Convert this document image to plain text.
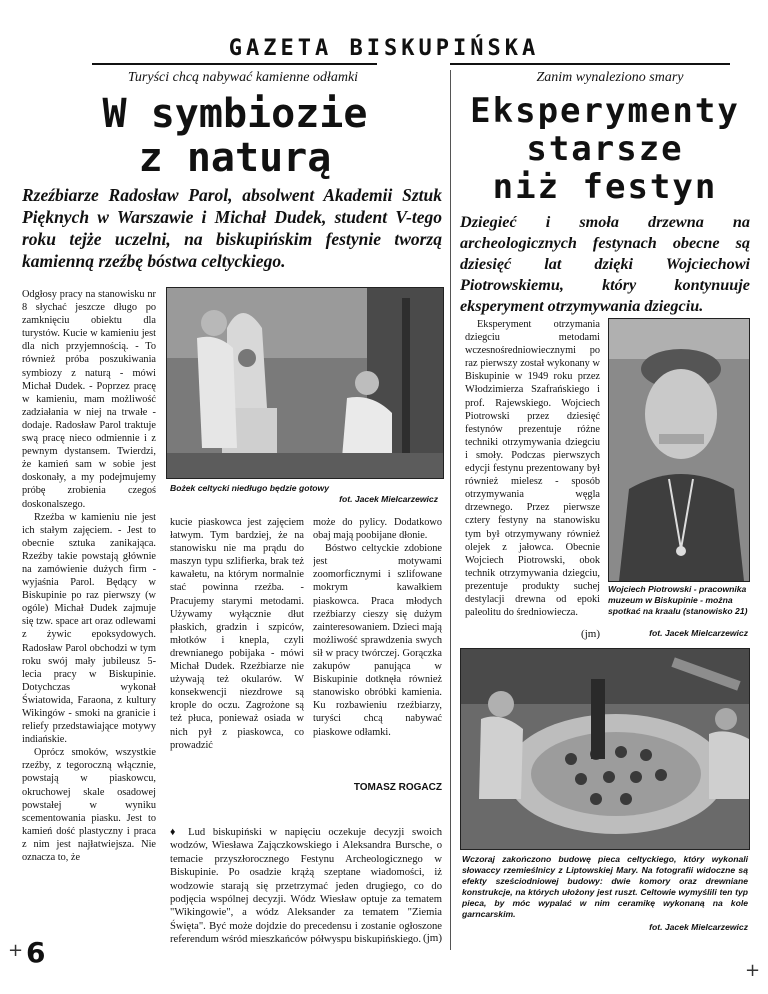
GAZETA BISKUPIŃSKA
Turyści chcą nabywać kamienne odłamki
W symbiozie
z naturą
Rzeźbiarze Radosław Parol, absolwent Akademii Sztuk Pięknych w Warszawie i Michał Dudek, student V-tego roku tejże uczelni, na biskupińskim festynie tworzą kamienną rzeźbę bóstwa celtyckiego.

Odgłosy pracy na stanowisku nr 8 słychać jeszcze długo po zamknięciu obiektu dla turystów. Kucie w kamieniu jest dla nich przyjemnością. - To również próba poszukiwania symbiozy z naturą - mówi Michał Dudek. - Poprzez pracę w kamieniu, mam możliwość zadziałania w niej na trwałe - dodaje. Radosław Parol traktuje swą pracę nieco odmiennie i z pewnym dystansem. Twierdzi, że kamień sam w sobie jest doskonały, a my podejmujemy próbę zrobienia czegoś doskonalszego.

Rzeźba w kamieniu nie jest ich stałym zajęciem. - Jest to obecnie sztuka zanikająca. Rzeźby takie powstają głównie na zamówienie dużych firm - wyjaśnia Parol. Będący w Biskupinie po raz pierwszy (w ogóle) Michał Dudek zajmuje się tzw. space art oraz odlewami z żywic epoksydowych. Radosław Parol obchodzi w tym roku swój mały jubileusz 5-lecia pracy w Biskupinie. Dotychczas wykonał Światowida, Faraona, z kultury Wikingów - smoki na granicie i reliefy przedstawiające motywy indiańskie.

Oprócz smoków, wszystkie rzeźby, z tegoroczną włącznie, powstają w piaskowcu, okruchowej skale osadowej powstałej w wyniku scementowania piasku. Jest to kamień dość plastyczny i praca z nim jest najłatwiejsza. Nie oznacza to, że

Bożek celtycki niedługo będzie gotowy
fot. Jacek Mielcarzewicz

kucie piaskowca jest zajęciem łatwym. Tym bardziej, że na stanowisku nie ma prądu do maszyn typu szlifierka, brak też kawałetu, na którym normalnie stać powinna rzeźba. - Pracujemy starymi metodami. Używamy wyłącznie dłut płaskich, gradzin i szpiców, młotków i knepla, czyli drewnianego pobijaka - mówi Michał Dudek. Rzeźbiarze nie używają też okularów. W konsekwencji niezdrowe są krople do oczu. Zagrożone są też płuca, ponieważ osiada w nich pył z piaskowca, co prowadzić

może do pylicy. Dodatkowo obaj mają poobijane dłonie.

Bóstwo celtyckie zdobione jest motywami zoomorficznymi i szlifowane mokrym kawałkiem piaskowca. Praca młodych rzeźbiarzy cieszy się dużym zainteresowaniem. Dzieci mają możliwość sprawdzenia swych sił w pracy twórczej. Gorączka zakupów panująca w Biskupinie dotknęła również stanowisko obróbki kamienia. Ku rozbawieniu rzeźbiarzy, turyści chcą nabywać piaskowe odłamki.

TOMASZ ROGACZ

♦ Lud biskupiński w napięciu oczekuje decyzji swoich wodzów, Wiesława Zajączkowskiego i Aleksandra Bursche, o temacie przyszłorocznego Festynu Archeologicznego w Biskupinie. Po osadzie krążą szeptane wiadomości, iż wodzowie starają się przetrzymać jeden drugiego, co do podjęcia wspólnej decyzji. Wódz Wiesław optuje za tematem "Wikingowie", a wódz Aleksander za tematem "Ziemia Święta". Być może dojdzie do precedensu i zostanie ogłoszone referendum wśród mieszkańców półwyspu biskupińskiego. (jm)
Zanim wynaleziono smary
Eksperymenty
starsze
niż festyn
Dziegieć i smoła drzewna na archeologicznych festynach obecne są dziesięć lat dzięki Wojciechowi Piotrowskiemu, który kontynuuje eksperyment otrzymywania dziegciu.

Eksperyment otrzymania dziegciu metodami wczesnośredniowiecznymi po raz pierwszy został wykonany w Biskupinie w 1949 roku przez Włodzimierza Szafrańskiego i prof. Rajewskiego. Wojciech Piotrowski przez dziesięć festynów prezentuje różne techniki otrzymywania dziegciu i smoły. Podczas pierwszych edycji festynu prezentowany był również mielesz - sposób otrzymywania węgla drzewnego. Przez pierwsze cztery festyny na stanowisku tym był otrzymywany również olejek z jałowca. Obecnie Wojciech Piotrowski, obok technik otrzymywania dziegciu, prezentuje produkty suchej destylacji drewna od epoki paleolitu do średniowiecza.

(jm)
Wojciech Piotrowski - pracownika muzeum w Biskupinie - można spotkać na kraalu (stanowisko 21)
fot. Jacek Mielcarzewicz
Wczoraj zakończono budowę pieca celtyckiego, który wykonali słowaccy rzemieślnicy z Liptowskiej Mary. Na fotografii widoczne są efekty sześciodniowej budowy: dwie komory oraz drewniane konstrukcje, na których ułożony jest ruszt. Celtowie wymyślili ten typ pieca, by móc wypalać w nim ceramikę wykonaną na kole garncarskim.
fot. Jacek Mielcarzewicz
+ 6
+
